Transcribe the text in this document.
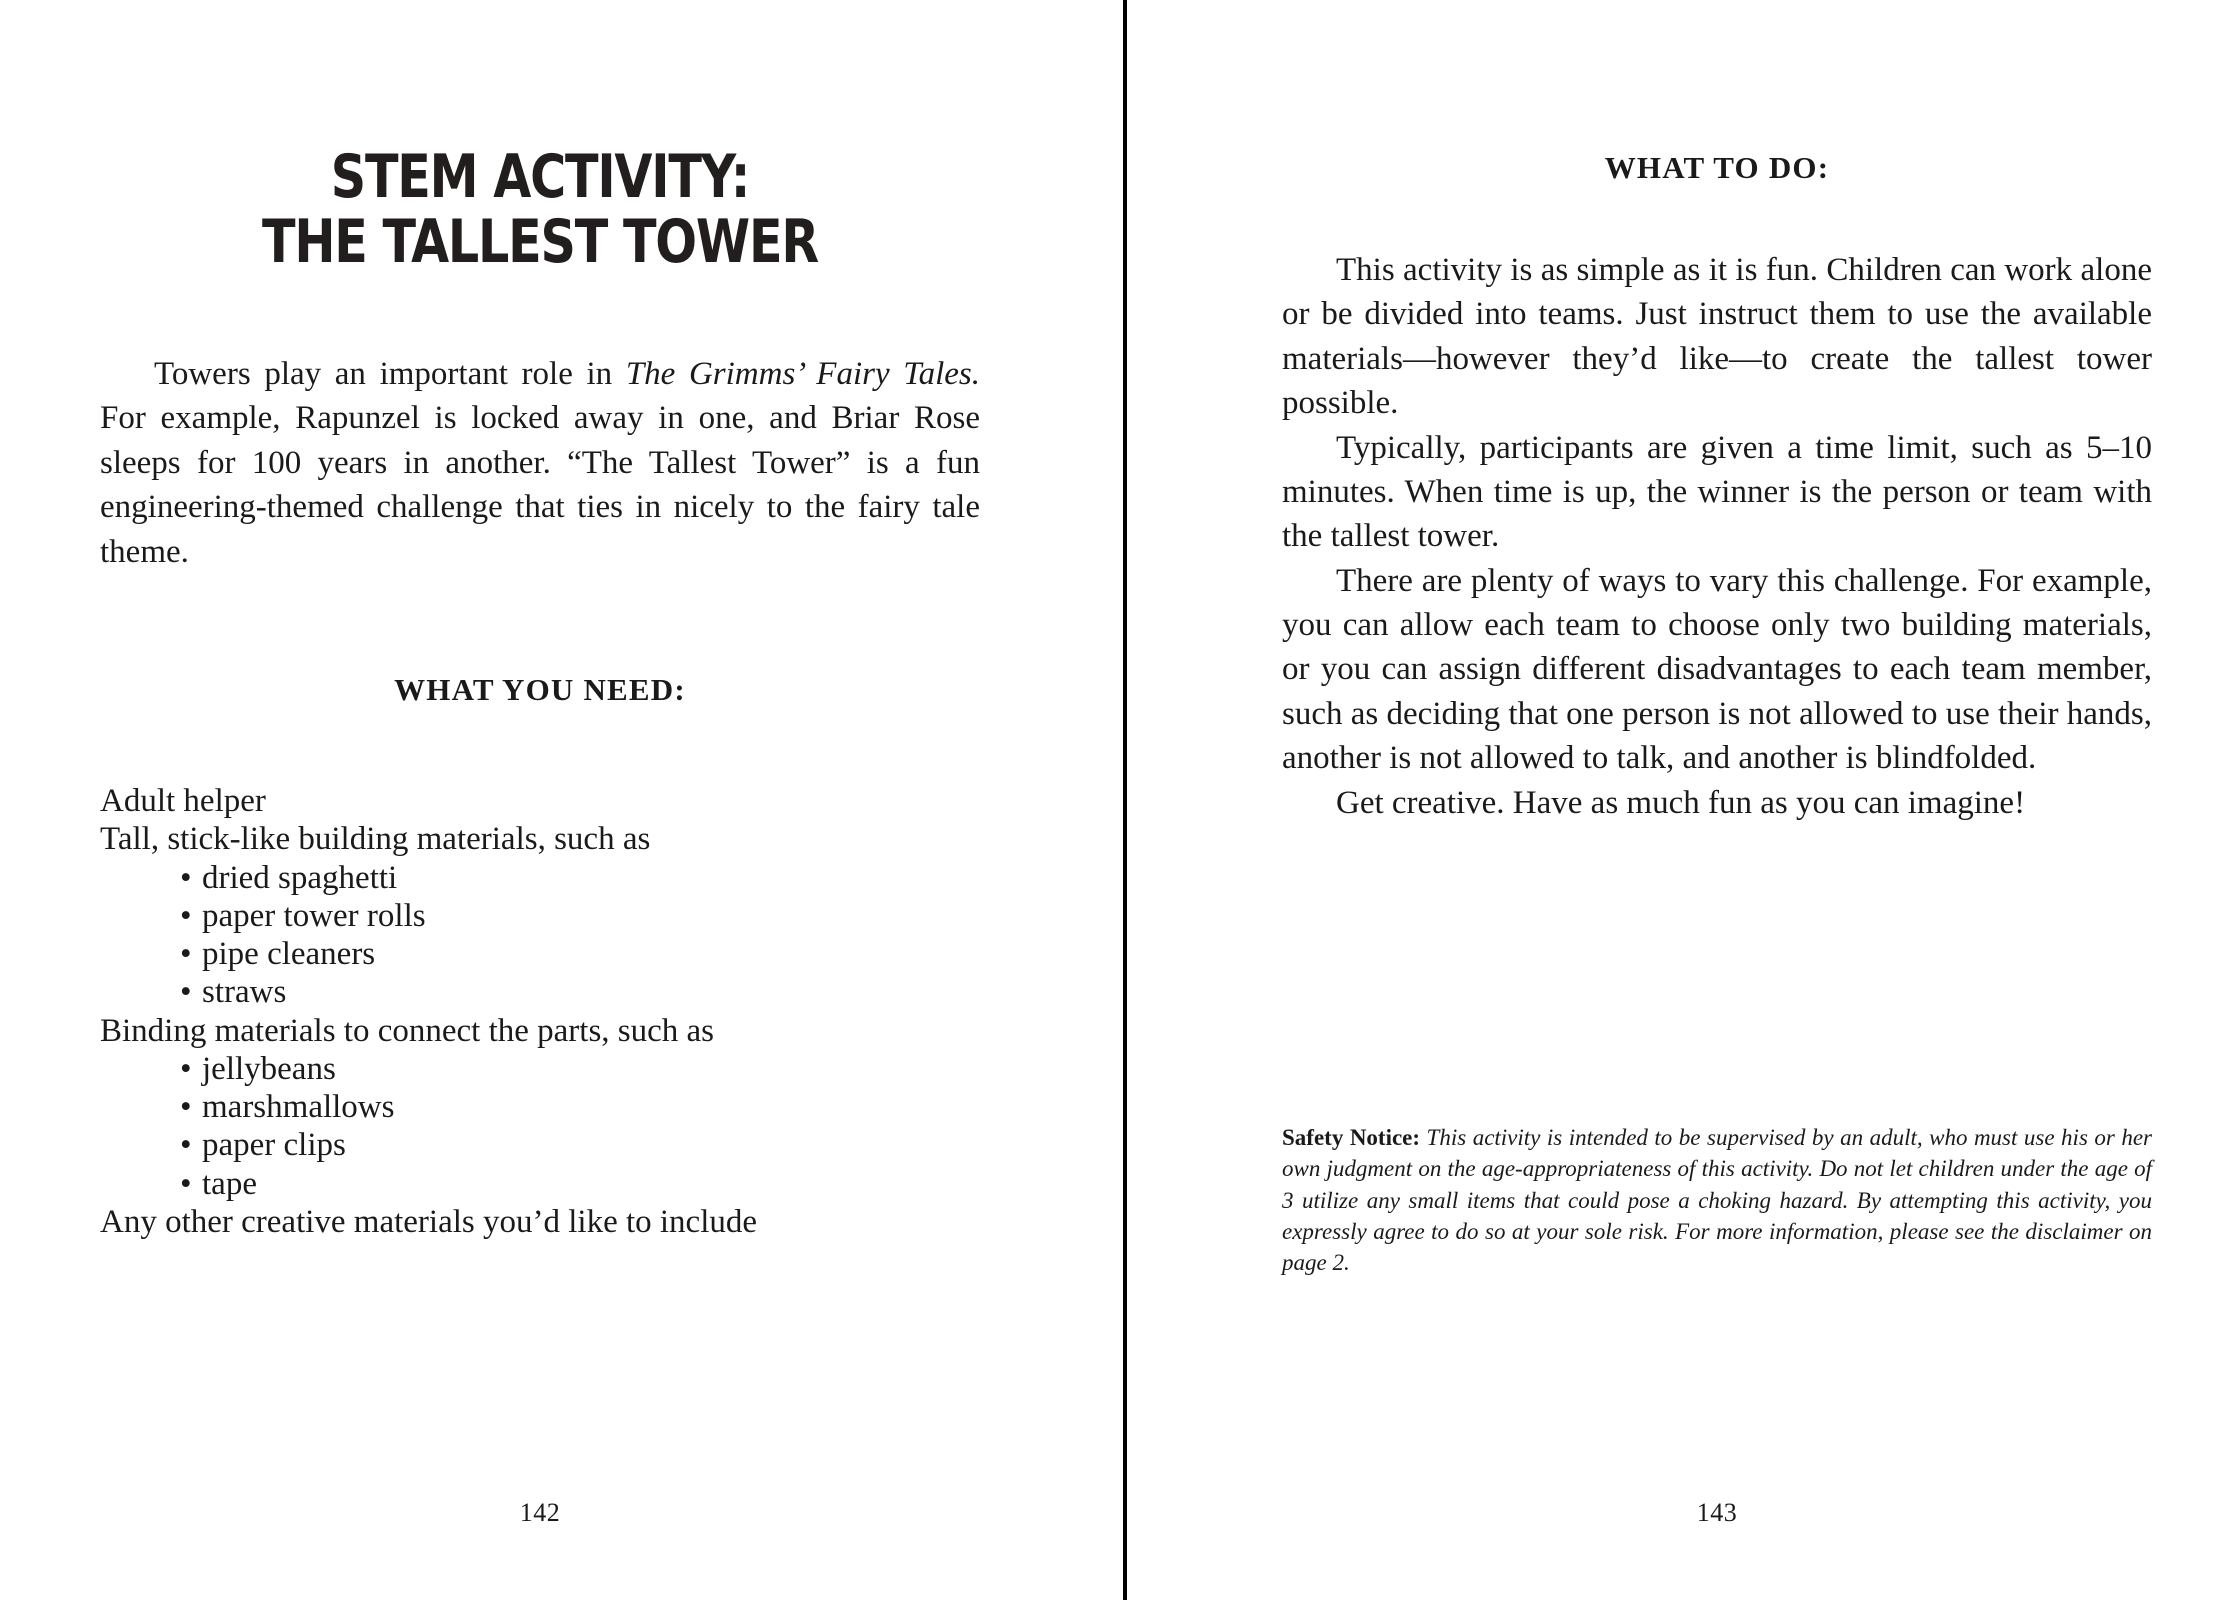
STEM ACTIVITY:
THE TALLEST TOWER

Towers play an important role in The Grimms’ Fairy Tales. For example, Rapunzel is locked away in one, and Briar Rose sleeps for 100 years in another. “The Tallest Tower” is a fun engineering-themed challenge that ties in nicely to the fairy tale theme.

WHAT YOU NEED:

Adult helper
Tall, stick-like building materials, such as
• dried spaghetti
• paper tower rolls
• pipe cleaners
• straws
Binding materials to connect the parts, such as
• jellybeans
• marshmallows
• paper clips
• tape
Any other creative materials you’d like to include
142

WHAT TO DO:

This activity is as simple as it is fun. Children can work alone or be divided into teams. Just instruct them to use the available materials—however they’d like—to create the tallest tower possible.

Typically, participants are given a time limit, such as 5–10 minutes. When time is up, the winner is the person or team with the tallest tower.

There are plenty of ways to vary this challenge. For example, you can allow each team to choose only two building materials, or you can assign different disadvantages to each team member, such as deciding that one person is not allowed to use their hands, another is not allowed to talk, and another is blindfolded.

Get creative. Have as much fun as you can imagine!

Safety Notice: This activity is intended to be supervised by an adult, who must use his or her own judgment on the age-appropriateness of this activity. Do not let children under the age of 3 utilize any small items that could pose a choking hazard. By attempting this activity, you expressly agree to do so at your sole risk. For more information, please see the disclaimer on page 2.

143
